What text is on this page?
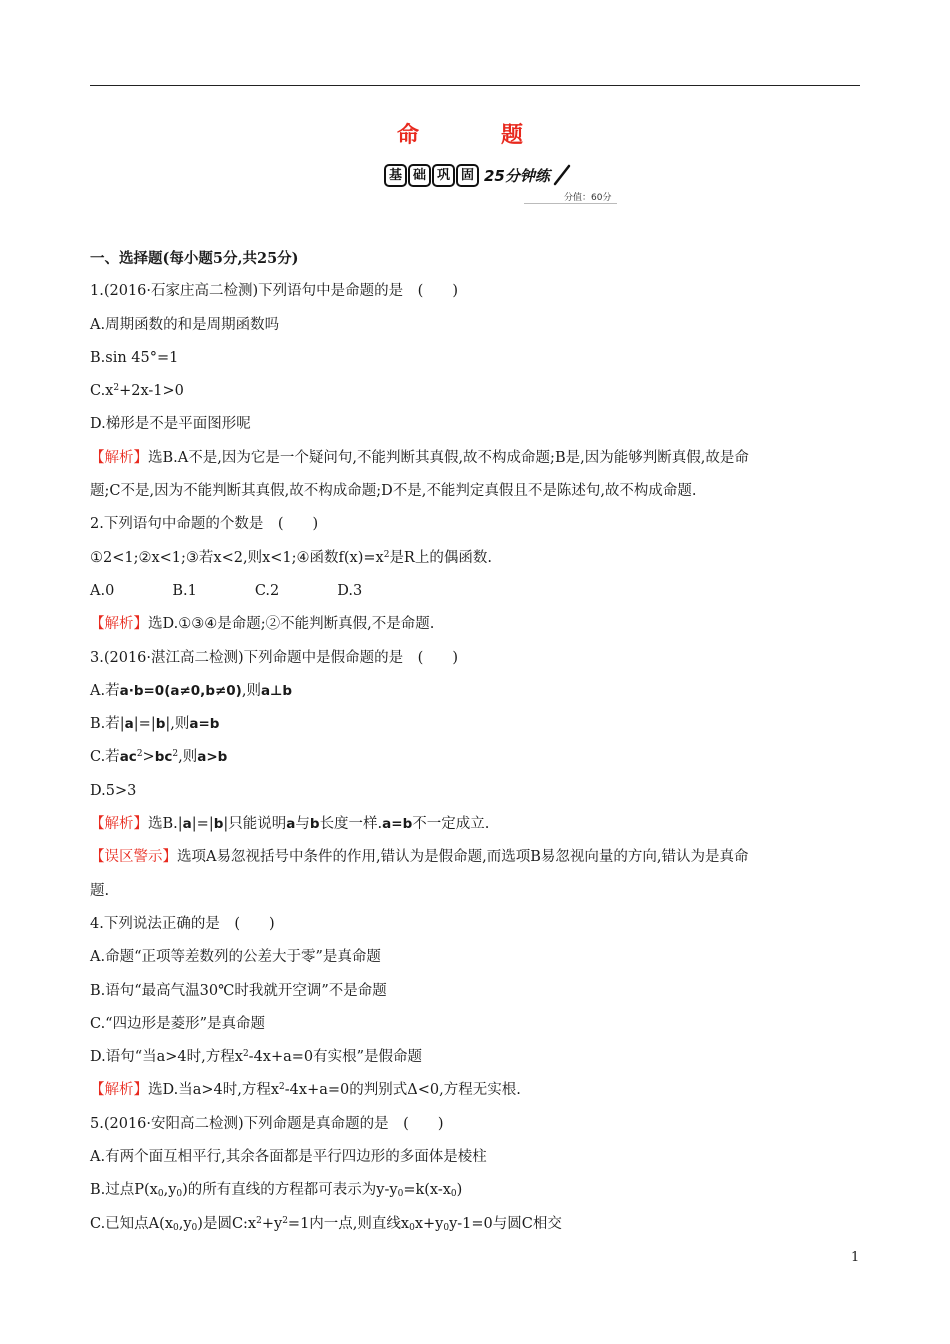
命　题
基 础 巩 固 25分钟练
分值：60分
一、选择题(每小题5分,共25分)
1.(2016·石家庄高二检测)下列语句中是命题的是　(　　)
A.周期函数的和是周期函数吗
B.sin 45°=1
$C.x^2+2x-1>0$
D.梯形是不是平面图形呢
【解析】选B.A不是,因为它是一个疑问句,不能判断其真假,故不构成命题;B是,因为能够判断真假,故是命
题;C不是,因为不能判断其真假,故不构成命题;D不是,不能判定真假且不是陈述句,故不构成命题.
2.下列语句中命题的个数是　(　　)
①2<1;②x<1;③若x<2,则x<1;④函数$f(x)=x^2$是R上的偶函数.
A.0	B.1	C.2	D.3
【解析】选D.①③④是命题;②不能判断真假,不是命题.
3.(2016·湛江高二检测)下列命题中是假命题的是　(　　)
A.若a·b=0(a≠0,b≠0),则a⊥b
B.若|a|=|b|,则a=b
C.若$ac^2>bc^2$,则a>b
D.5>3
【解析】选B.|a|=|b|只能说明a与b长度一样.a=b不一定成立.
【误区警示】选项A易忽视括号中条件的作用,错认为是假命题,而选项B易忽视向量的方向,错认为是真命
题.
4.下列说法正确的是　(　　)
A.命题“正项等差数列的公差大于零”是真命题
B.语句“最高气温30℃时我就开空调”不是命题
C.“四边形是菱形”是真命题
D.语句“当a>4时,方程$x^2-4x+a=0$有实根”是假命题
【解析】选D.当a>4时,方程$x^2-4x+a=0$的判别式Δ<0,方程无实根.
5.(2016·安阳高二检测)下列命题是真命题的是　(　　)
A.有两个面互相平行,其余各面都是平行四边形的多面体是棱柱
B.过点$P(x_0,y_0)$的所有直线的方程都可表示为$y-y_0=k(x-x_0)$
C.已知点$A(x_0,y_0)$是圆$C:x^2+y^2=1$内一点,则直线$x_0x+y_0y-1=0$与圆C相交
1
